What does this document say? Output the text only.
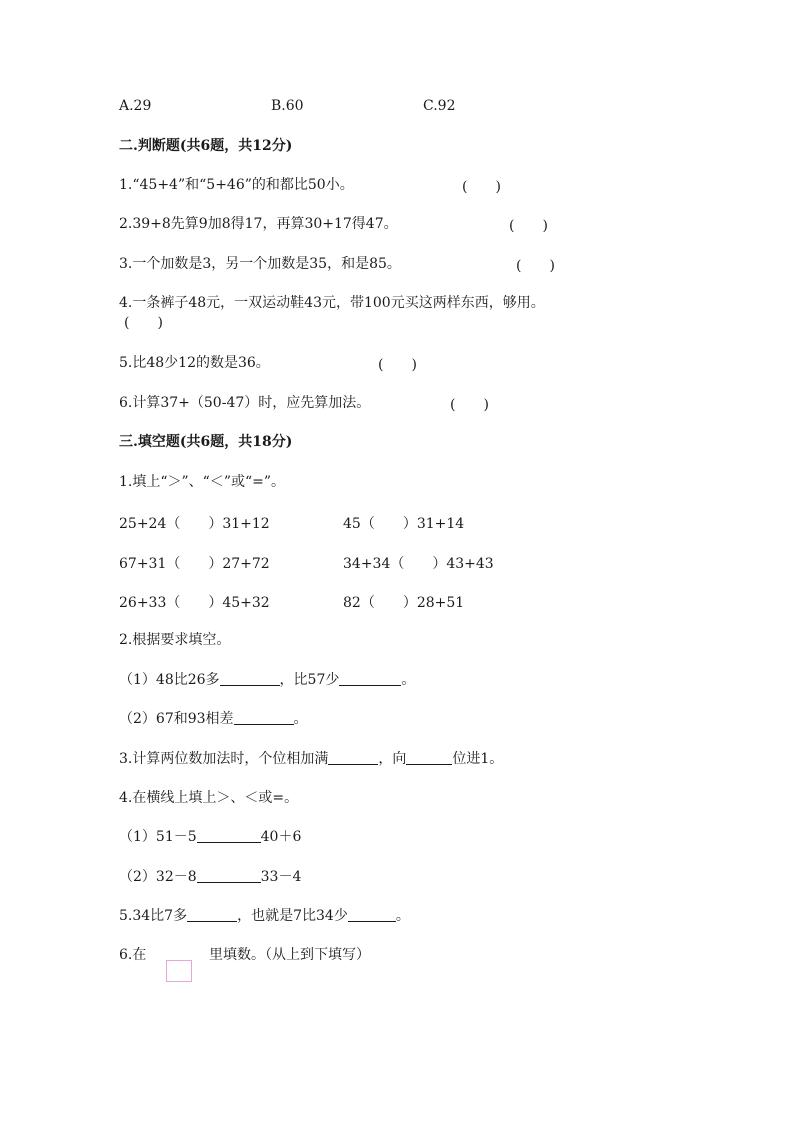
A.29	B.60	C.92
二.判断题(共6题，共12分)
1.“45+4”和“5+46”的和都比50小。	(　　)
2.39+8先算9加8得17，再算30+17得47。	(　　)
3.一个加数是3，另一个加数是35，和是85。	(　　)
4.一条裤子48元，一双运动鞋43元，带100元买这两样东西，够用。
(　　)
5.比48少12的数是36。	(　　)
6.计算37+（50-47）时，应先算加法。	(　　)
三.填空题(共6题，共18分)
1.填上“＞”、“＜”或“=”。
25+24（　　）31+12	45（　　）31+14
67+31（　　）27+72	34+34（　　）43+43
26+33（　　）45+32	82（　　）28+51
2.根据要求填空。
（1）48比26多	，比57少	。
（2）67和93相差	。
3.计算两位数加法时，个位相加满	，向	位进1。
4.在横线上填上＞、＜或=。
（1）51－5	40＋6
（2）32－8	33－4
5.34比7多	，也就是7比34少	。
6.在	里填数。（从上到下填写）
